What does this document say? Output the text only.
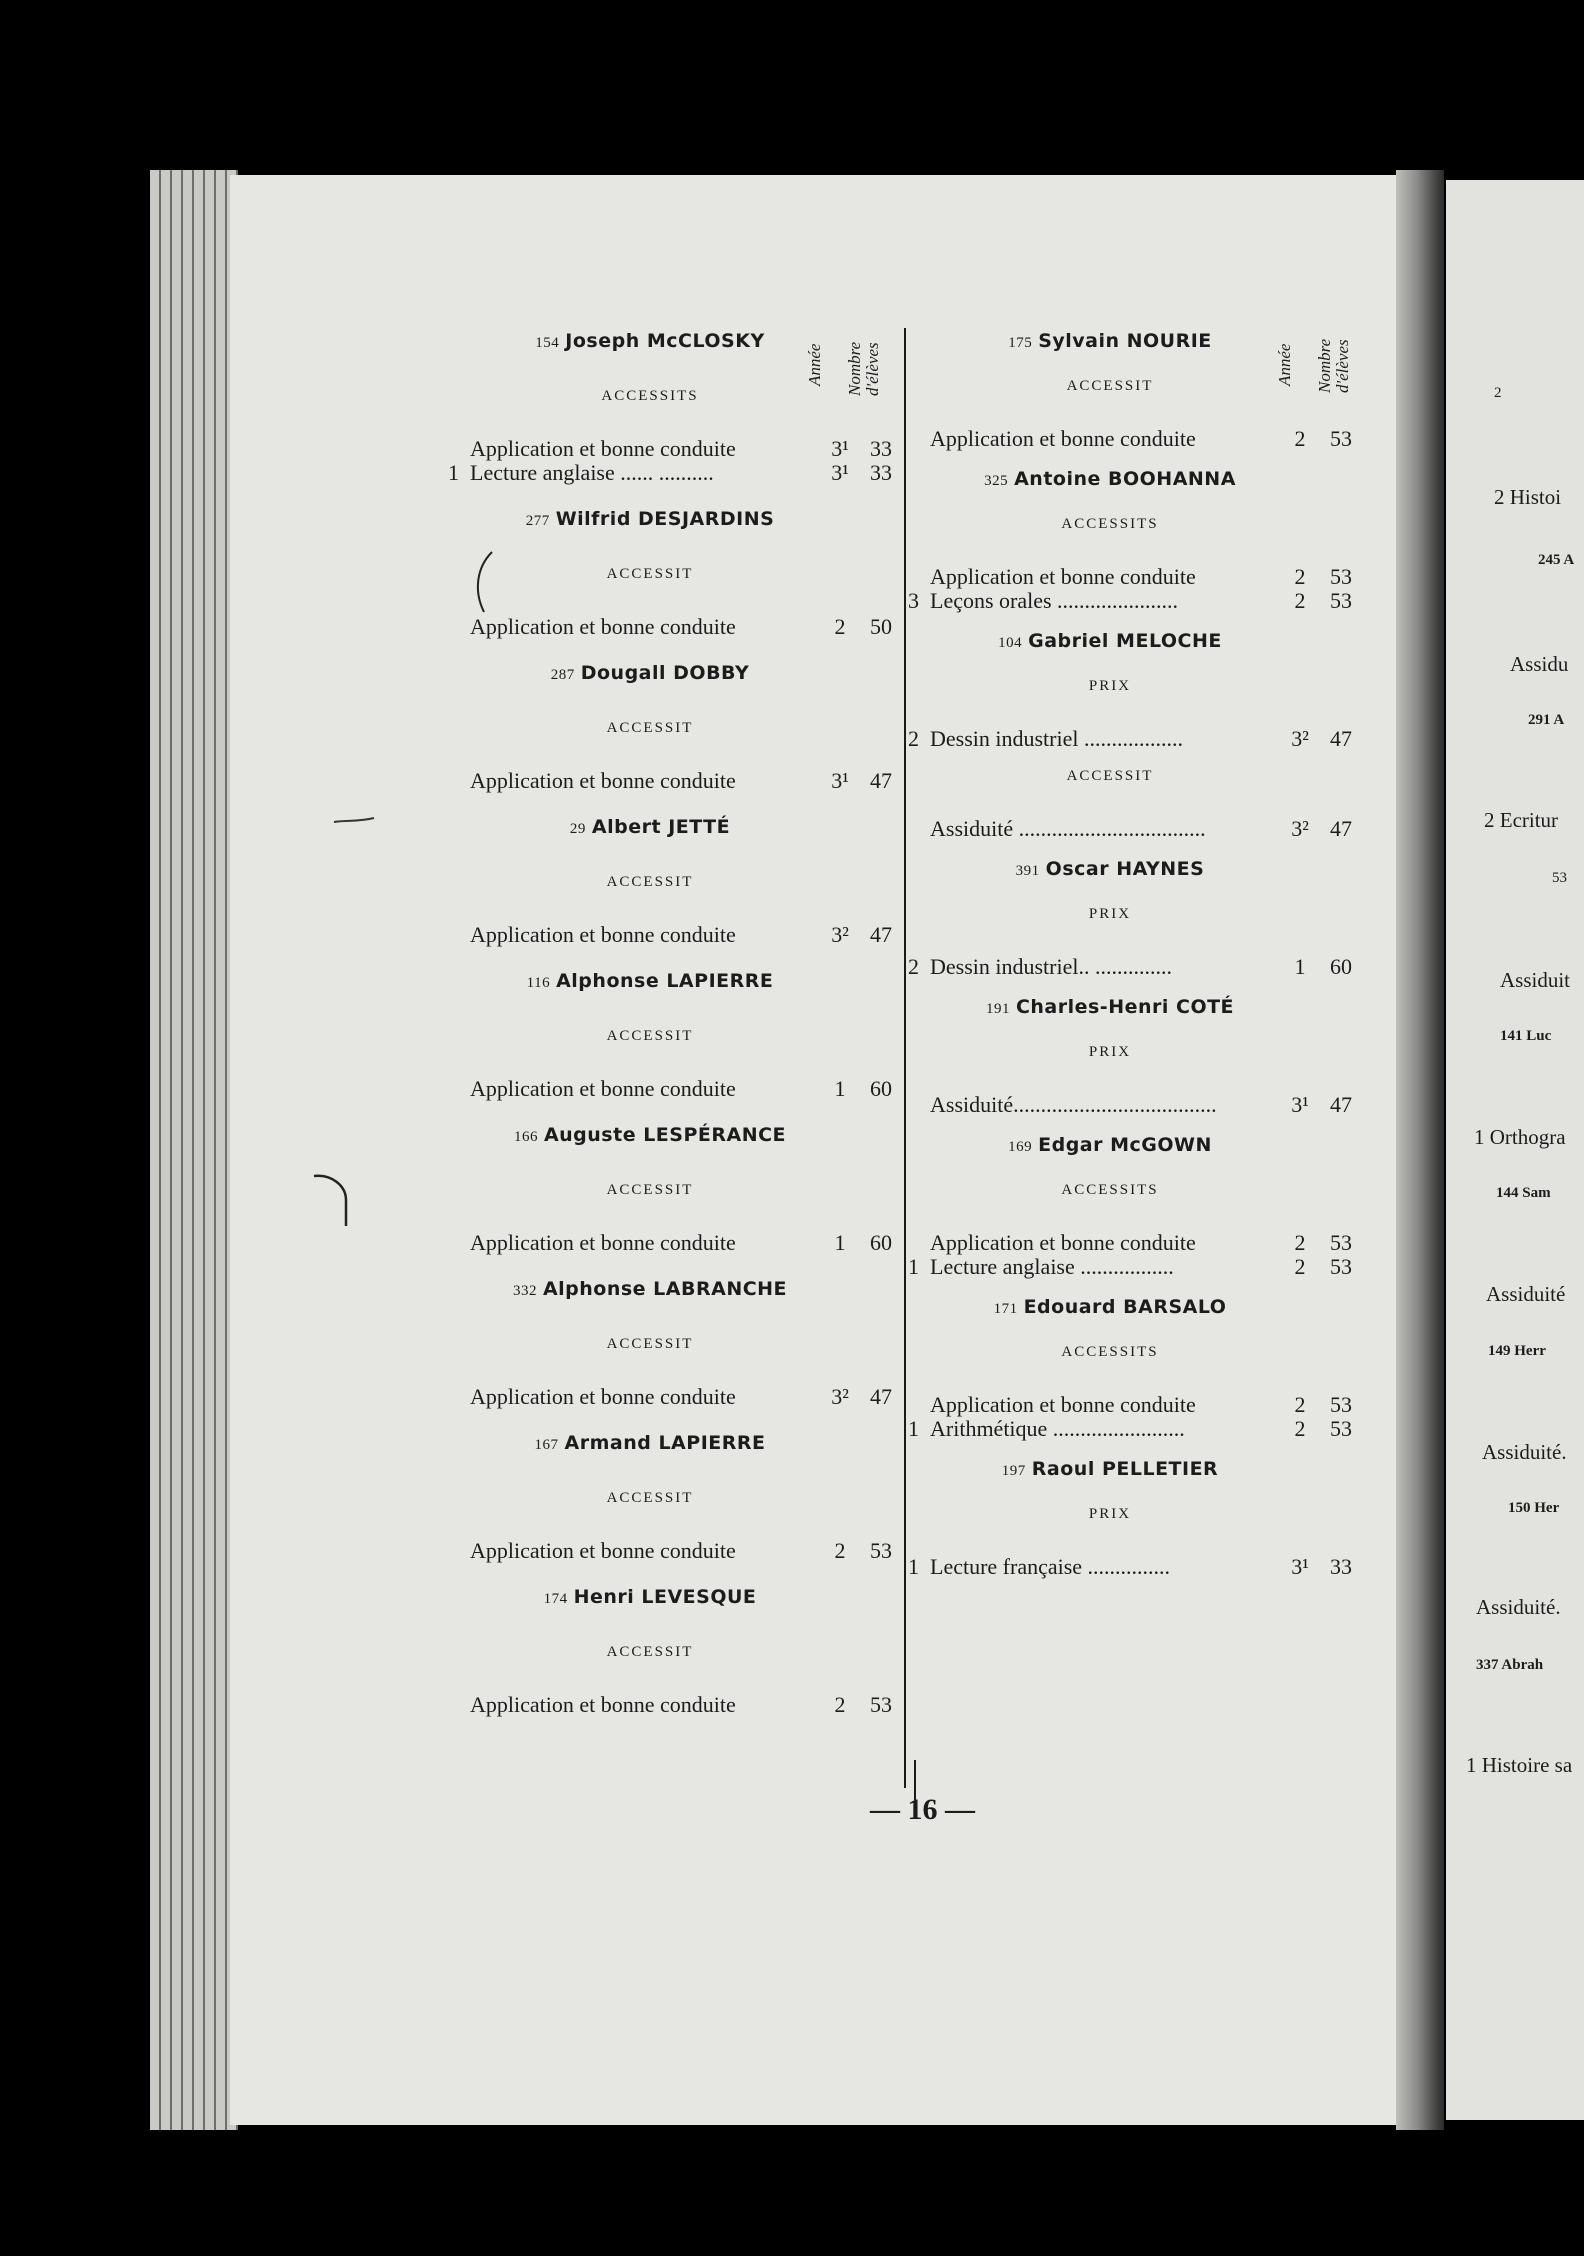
2
2 Histoi
245 A
Assidu
291 A
2 Ecritur
53
Assiduit
141 Luc
1 Orthogra
144 Sam
Assiduité
149 Herr
Assiduité.
150 Her
Assiduité.
337 Abrah
1 Histoire sa
Année Nombre d'élèves	Année Nombre d'élèves
154 Joseph McCLOSKY
ACCESSITS
Application et bonne conduite	3¹ 33
1 Lecture anglaise ...... ..........	3¹ 33
277 Wilfrid DESJARDINS
ACCESSIT
Application et bonne conduite	2	50
287 Dougall DOBBY
ACCESSIT
Application et bonne conduite	3¹ 47
29 Albert JETTÉ
ACCESSIT
Application et bonne conduite	3² 47
116 Alphonse LAPIERRE
ACCESSIT
Application et bonne conduite	1	60
166 Auguste LESPÉRANCE
ACCESSIT
Application et bonne conduite	1	60
332 Alphonse LABRANCHE
ACCESSIT
Application et bonne conduite	3² 47
167 Armand LAPIERRE
ACCESSIT
Application et bonne conduite	2	53
174 Henri LEVESQUE
ACCESSIT
Application et bonne conduite	2	53
175 Sylvain NOURIE
ACCESSIT
Application et bonne conduite	2	53
325 Antoine BOOHANNA
ACCESSITS
Application et bonne conduite	2	53
3 Leçons orales ......................	2	53
104 Gabriel MELOCHE
PRIX
2 Dessin industriel ..................	3² 47
ACCESSIT
Assiduité ..................................	3² 47
391 Oscar HAYNES
PRIX
2 Dessin industriel.. ..............	1	60
191 Charles-Henri COTÉ
PRIX
Assiduité.....................................	3¹ 47
169 Edgar McGOWN
ACCESSITS
Application et bonne conduite	2	53
1 Lecture anglaise .................	2	53
171 Edouard BARSALO
ACCESSITS
Application et bonne conduite	2	53
1 Arithmétique ........................	2	53
197 Raoul PELLETIER
PRIX
1 Lecture française ...............	3¹ 33
— 16 —
